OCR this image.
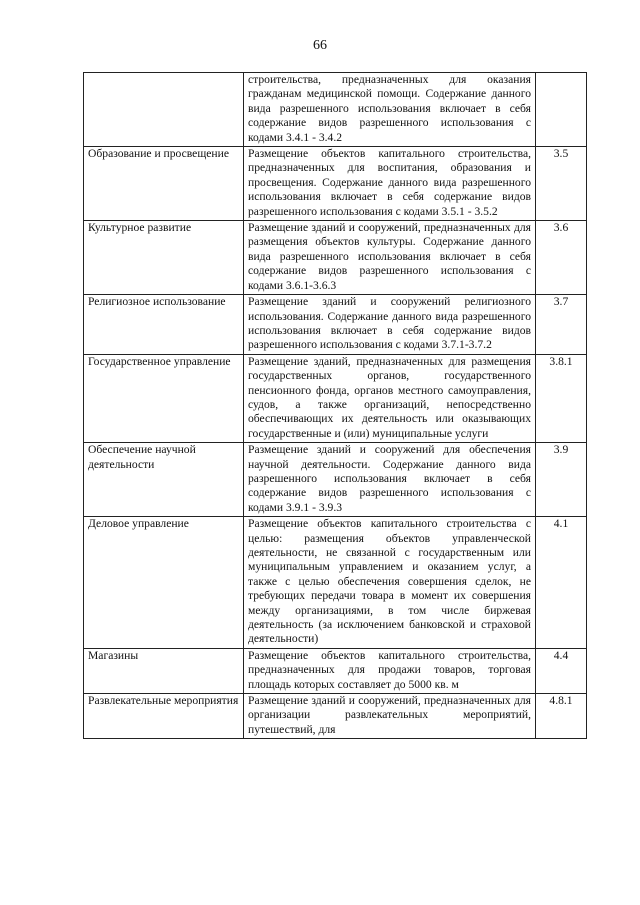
66
	строительства, предназначенных для оказания гражданам медицинской помощи. Содержание данного вида разрешенного использования включает в себя содержание видов разрешенного использования с кодами 3.4.1 - 3.4.2	
Образование и просвещение	Размещение объектов капитального строительства, предназначенных для воспитания, образования и просвещения. Содержание данного вида разрешенного использования включает в себя содержание видов разрешенного использования с кодами 3.5.1 - 3.5.2	3.5
Культурное развитие	Размещение зданий и сооружений, предназначенных для размещения объектов культуры. Содержание данного вида разрешенного использования включает в себя содержание видов разрешенного использования с кодами 3.6.1-3.6.3	3.6
Религиозное использование	Размещение зданий и сооружений религиозного использования. Содержание данного вида разрешенного использования включает в себя содержание видов разрешенного использования с кодами 3.7.1-3.7.2	3.7
Государственное управление	Размещение зданий, предназначенных для размещения государственных органов, государственного пенсионного фонда, органов местного самоуправления, судов, а также организаций, непосредственно обеспечивающих их деятельность или оказывающих государственные и (или) муниципальные услуги	3.8.1
Обеспечение научной деятельности	Размещение зданий и сооружений для обеспечения научной деятельности. Содержание данного вида разрешенного использования включает в себя содержание видов разрешенного использования с кодами 3.9.1 - 3.9.3	3.9
Деловое управление	Размещение объектов капитального строительства с целью: размещения объектов управленческой деятельности, не связанной с государственным или муниципальным управлением и оказанием услуг, а также с целью обеспечения совершения сделок, не требующих передачи товара в момент их совершения между организациями, в том числе биржевая деятельность (за исключением банковской и страховой деятельности)	4.1
Магазины	Размещение объектов капитального строительства, предназначенных для продажи товаров, торговая площадь которых составляет до 5000 кв. м	4.4
Развлекательные мероприятия	Размещение зданий и сооружений, предназначенных для организации развлекательных мероприятий, путешествий, для	4.8.1
